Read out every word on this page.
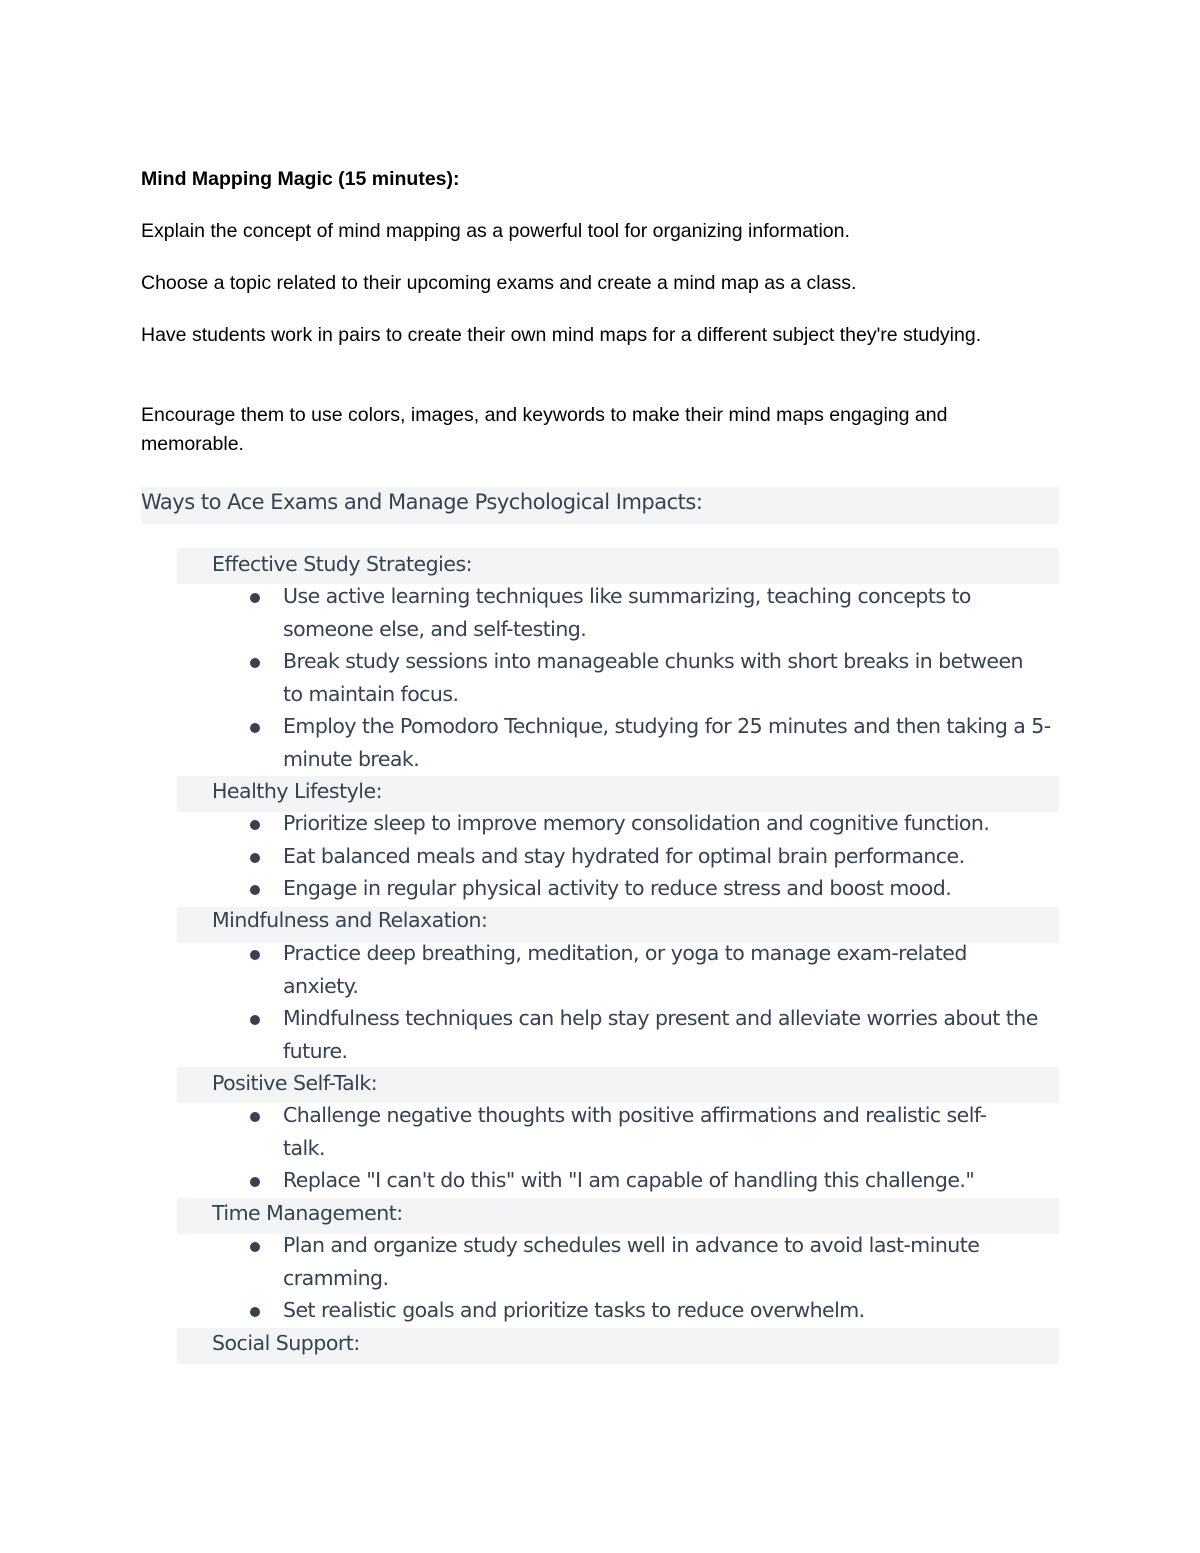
Mind Mapping Magic (15 minutes):
Explain the concept of mind mapping as a powerful tool for organizing information.
Choose a topic related to their upcoming exams and create a mind map as a class.
Have students work in pairs to create their own mind maps for a different subject they're studying.
Encourage them to use colors, images, and keywords to make their mind maps engaging and memorable.
Ways to Ace Exams and Manage Psychological Impacts:
Effective Study Strategies:
Use active learning techniques like summarizing, teaching concepts to someone else, and self-testing.
Break study sessions into manageable chunks with short breaks in between to maintain focus.
Employ the Pomodoro Technique, studying for 25 minutes and then taking a 5-minute break.
Healthy Lifestyle:
Prioritize sleep to improve memory consolidation and cognitive function.
Eat balanced meals and stay hydrated for optimal brain performance.
Engage in regular physical activity to reduce stress and boost mood.
Mindfulness and Relaxation:
Practice deep breathing, meditation, or yoga to manage exam-related anxiety.
Mindfulness techniques can help stay present and alleviate worries about the future.
Positive Self-Talk:
Challenge negative thoughts with positive affirmations and realistic self-talk.
Replace "I can't do this" with "I am capable of handling this challenge."
Time Management:
Plan and organize study schedules well in advance to avoid last-minute cramming.
Set realistic goals and prioritize tasks to reduce overwhelm.
Social Support:
